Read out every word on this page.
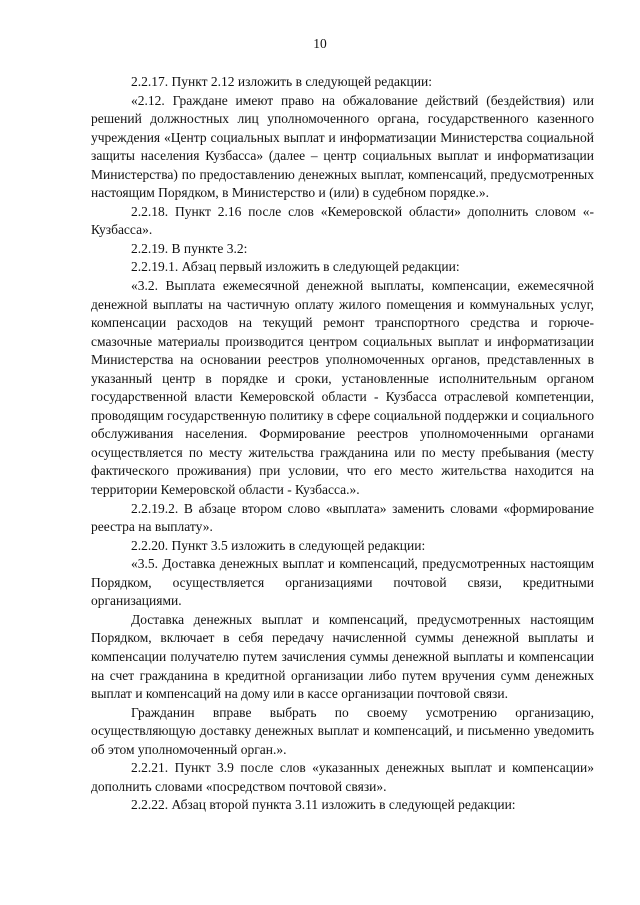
10

2.2.17. Пункт 2.12 изложить в следующей редакции:

«2.12. Граждане имеют право на обжалование действий (бездействия) или решений должностных лиц уполномоченного органа, государственного казенного учреждения «Центр социальных выплат и информатизации Министерства социальной защиты населения Кузбасса» (далее – центр социальных выплат и информатизации Министерства) по предоставлению денежных выплат, компенсаций, предусмотренных настоящим Порядком, в Министерство и (или) в судебном порядке.».

2.2.18. Пункт 2.16 после слов «Кемеровской области» дополнить словом «- Кузбасса».

2.2.19. В пункте 3.2:

2.2.19.1. Абзац первый изложить в следующей редакции:

«3.2. Выплата ежемесячной денежной выплаты, компенсации, ежемесячной денежной выплаты на частичную оплату жилого помещения и коммунальных услуг, компенсации расходов на текущий ремонт транспортного средства и горюче-смазочные материалы производится центром социальных выплат и информатизации Министерства на основании реестров уполномоченных органов, представленных в указанный центр в порядке и сроки, установленные исполнительным органом государственной власти Кемеровской области - Кузбасса отраслевой компетенции, проводящим государственную политику в сфере социальной поддержки и социального обслуживания населения. Формирование реестров уполномоченными органами осуществляется по месту жительства гражданина или по месту пребывания (месту фактического проживания) при условии, что его место жительства находится на территории Кемеровской области - Кузбасса.».

2.2.19.2. В абзаце втором слово «выплата» заменить словами «формирование реестра на выплату».

2.2.20. Пункт 3.5 изложить в следующей редакции:

«3.5. Доставка денежных выплат и компенсаций, предусмотренных настоящим Порядком, осуществляется организациями почтовой связи, кредитными организациями.

Доставка денежных выплат и компенсаций, предусмотренных настоящим Порядком, включает в себя передачу начисленной суммы денежной выплаты и компенсации получателю путем зачисления суммы денежной выплаты и компенсации на счет гражданина в кредитной организации либо путем вручения сумм денежных выплат и компенсаций на дому или в кассе организации почтовой связи.

Гражданин вправе выбрать по своему усмотрению организацию, осуществляющую доставку денежных выплат и компенсаций, и письменно уведомить об этом уполномоченный орган.».

2.2.21. Пункт 3.9 после слов «указанных денежных выплат и компенсации» дополнить словами «посредством почтовой связи».

2.2.22. Абзац второй пункта 3.11 изложить в следующей редакции:
